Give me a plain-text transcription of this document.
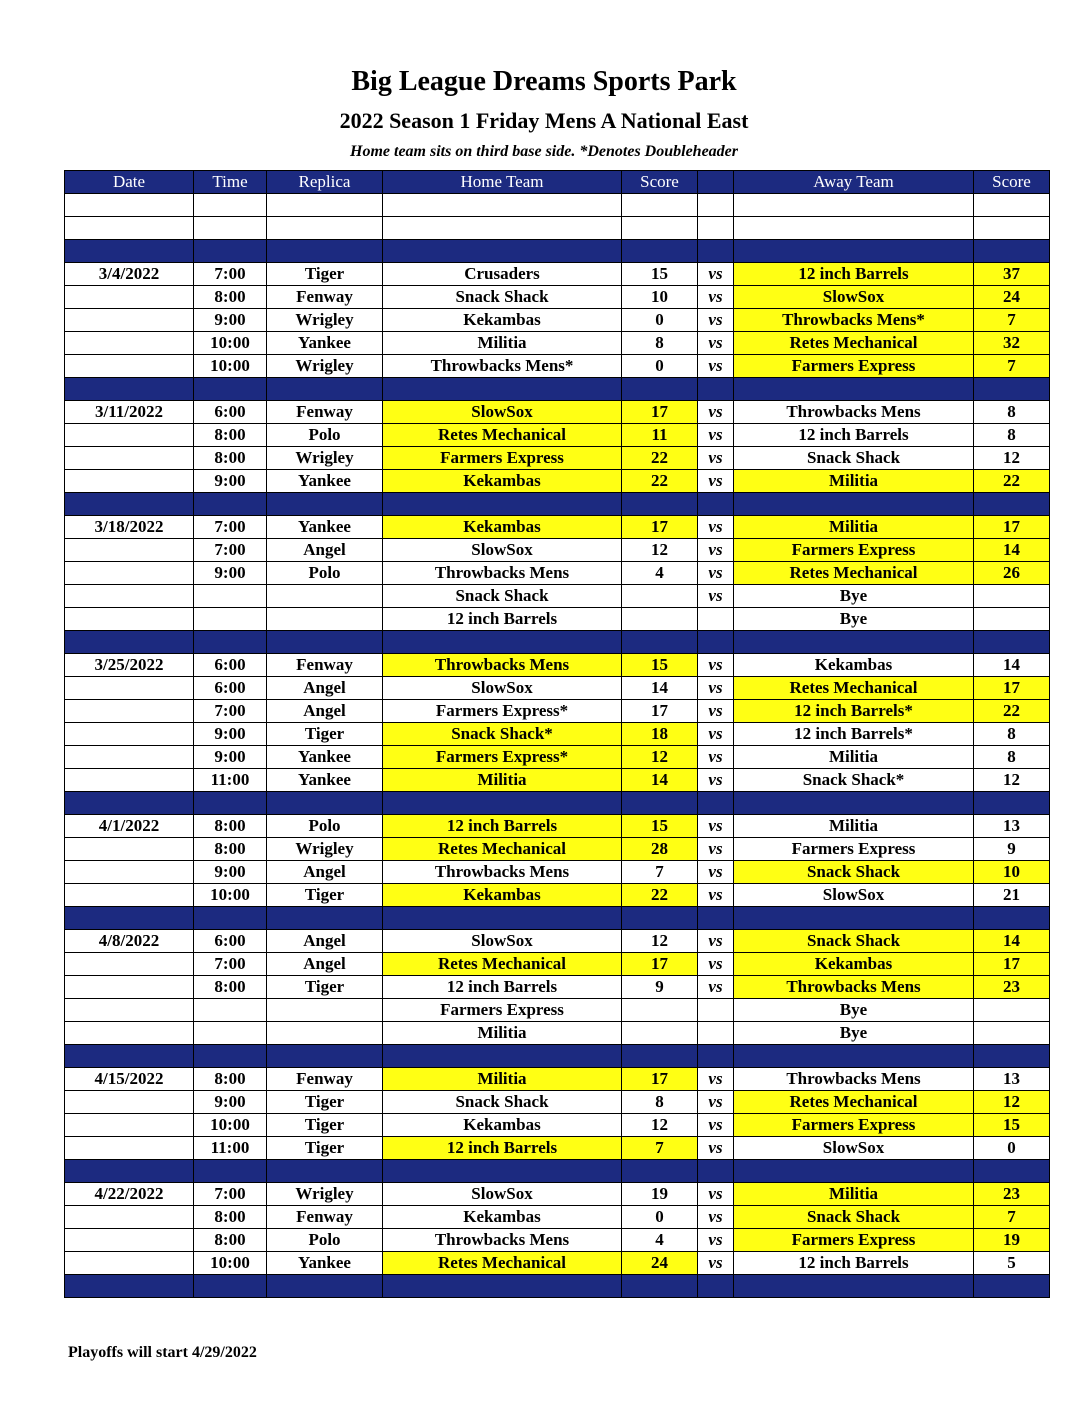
Big League Dreams Sports Park
2022 Season 1 Friday Mens A National East
Home team sits on third base side. *Denotes Doubleheader
Date	Time	Replica	Home Team	Score		Away Team	Score

3/4/2022	7:00	Tiger	Crusaders	15	vs	12 inch Barrels	37
	8:00	Fenway	Snack Shack	10	vs	SlowSox	24
	9:00	Wrigley	Kekambas	0	vs	Throwbacks Mens*	7
	10:00	Yankee	Militia	8	vs	Retes Mechanical	32
	10:00	Wrigley	Throwbacks Mens*	0	vs	Farmers Express	7

3/11/2022	6:00	Fenway	SlowSox	17	vs	Throwbacks Mens	8
	8:00	Polo	Retes Mechanical	11	vs	12 inch Barrels	8
	8:00	Wrigley	Farmers Express	22	vs	Snack Shack	12
	9:00	Yankee	Kekambas	22	vs	Militia	22

3/18/2022	7:00	Yankee	Kekambas	17	vs	Militia	17
	7:00	Angel	SlowSox	12	vs	Farmers Express	14
	9:00	Polo	Throwbacks Mens	4	vs	Retes Mechanical	26
			Snack Shack		vs	Bye	
			12 inch Barrels			Bye	

3/25/2022	6:00	Fenway	Throwbacks Mens	15	vs	Kekambas	14
	6:00	Angel	SlowSox	14	vs	Retes Mechanical	17
	7:00	Angel	Farmers Express*	17	vs	12 inch Barrels*	22
	9:00	Tiger	Snack Shack*	18	vs	12 inch Barrels*	8
	9:00	Yankee	Farmers Express*	12	vs	Militia	8
	11:00	Yankee	Militia	14	vs	Snack Shack*	12

4/1/2022	8:00	Polo	12 inch Barrels	15	vs	Militia	13
	8:00	Wrigley	Retes Mechanical	28	vs	Farmers Express	9
	9:00	Angel	Throwbacks Mens	7	vs	Snack Shack	10
	10:00	Tiger	Kekambas	22	vs	SlowSox	21

4/8/2022	6:00	Angel	SlowSox	12	vs	Snack Shack	14
	7:00	Angel	Retes Mechanical	17	vs	Kekambas	17
	8:00	Tiger	12 inch Barrels	9	vs	Throwbacks Mens	23
			Farmers Express			Bye	
			Militia			Bye	

4/15/2022	8:00	Fenway	Militia	17	vs	Throwbacks Mens	13
	9:00	Tiger	Snack Shack	8	vs	Retes Mechanical	12
	10:00	Tiger	Kekambas	12	vs	Farmers Express	15
	11:00	Tiger	12 inch Barrels	7	vs	SlowSox	0

4/22/2022	7:00	Wrigley	SlowSox	19	vs	Militia	23
	8:00	Fenway	Kekambas	0	vs	Snack Shack	7
	8:00	Polo	Throwbacks Mens	4	vs	Farmers Express	19
	10:00	Yankee	Retes Mechanical	24	vs	12 inch Barrels	5

Playoffs will start 4/29/2022
